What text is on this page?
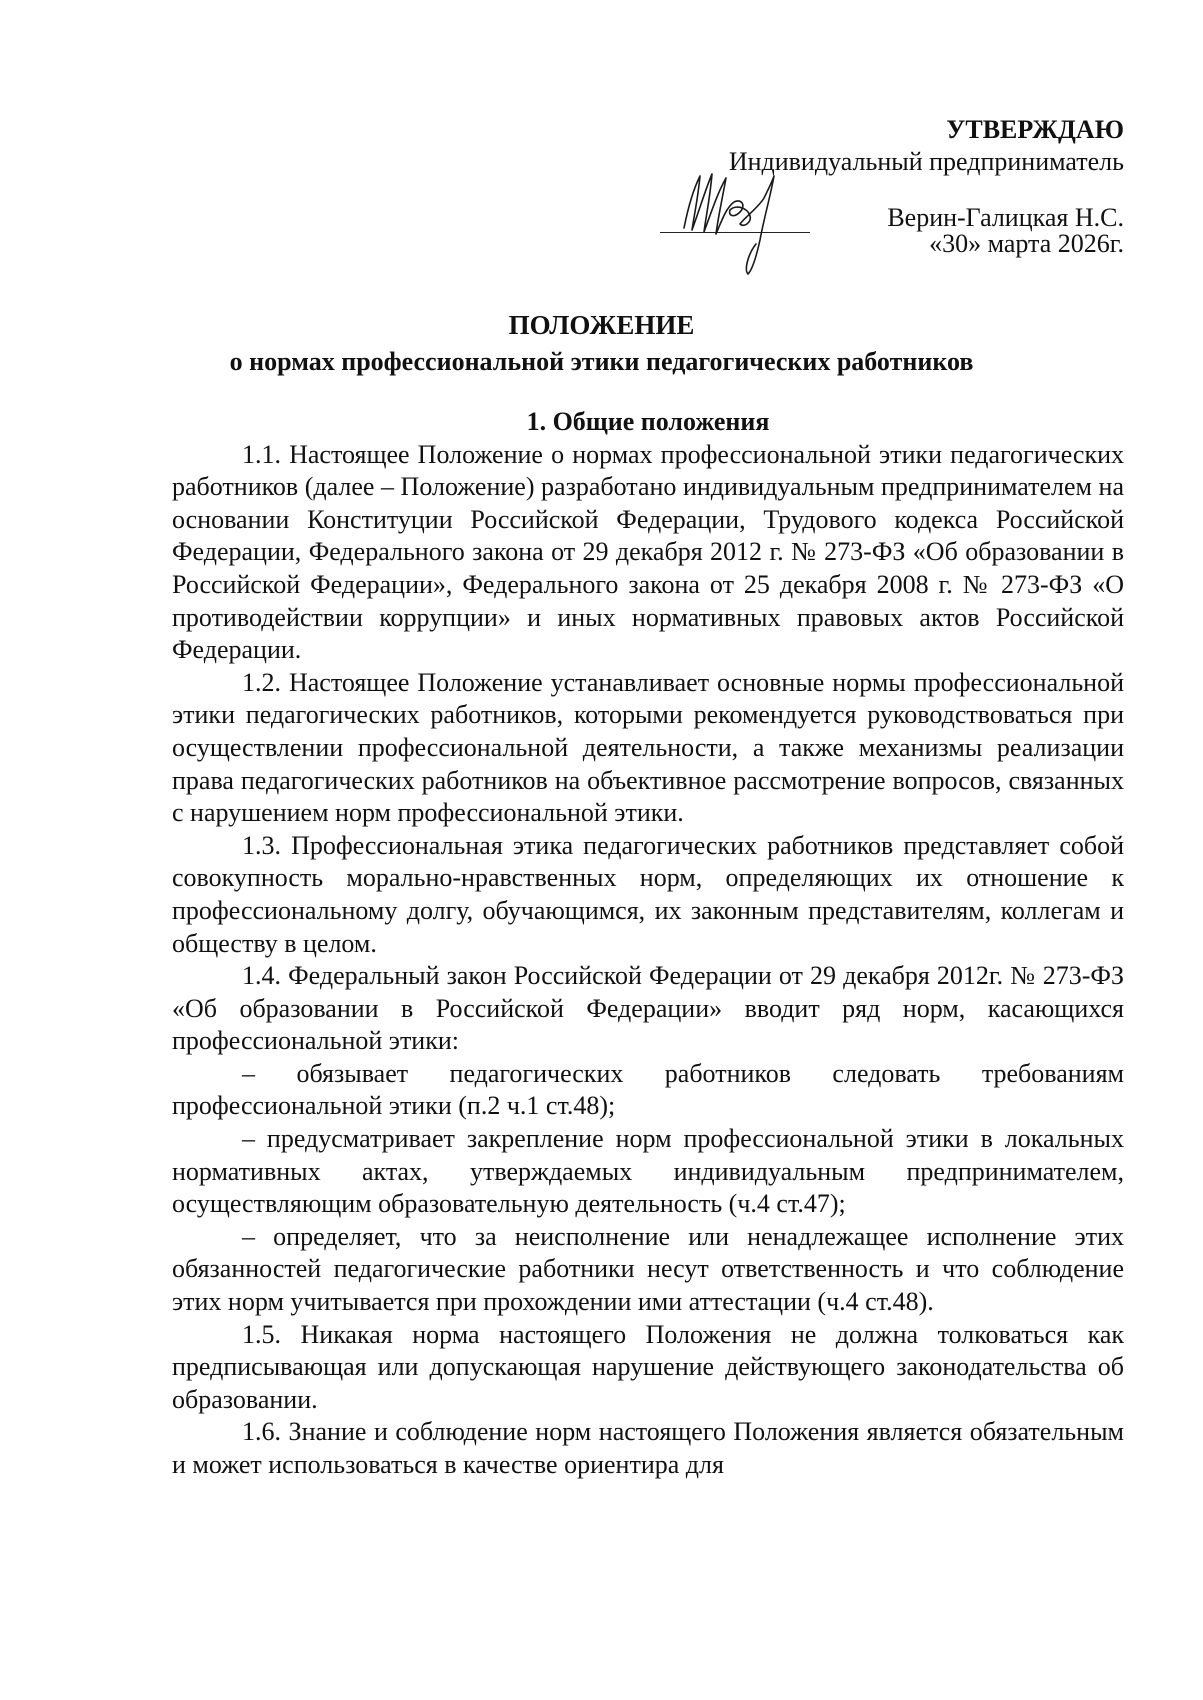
УТВЕРЖДАЮ
Индивидуальный предприниматель
Верин-Галицкая Н.С.
«30» марта 2026г.
ПОЛОЖЕНИЕ
о нормах профессиональной этики педагогических работников
1. Общие положения

1.1. Настоящее Положение о нормах профессиональной этики педагогических работников (далее – Положение) разработано индивидуальным предпринимателем на основании Конституции Российской Федерации, Трудового кодекса Российской Федерации, Федерального закона от 29 декабря 2012 г. № 273-ФЗ «Об образовании в Российской Федерации», Федерального закона от 25 декабря 2008 г. № 273-ФЗ «О противодействии коррупции» и иных нормативных правовых актов Российской Федерации.

1.2. Настоящее Положение устанавливает основные нормы профессиональной этики педагогических работников, которыми рекомендуется руководствоваться при осуществлении профессиональной деятельности, а также механизмы реализации права педагогических работников на объективное рассмотрение вопросов, связанных с нарушением норм профессиональной этики.

1.3. Профессиональная этика педагогических работников представляет собой совокупность морально-нравственных норм, определяющих их отношение к профессиональному долгу, обучающимся, их законным представителям, коллегам и обществу в целом.

1.4. Федеральный закон Российской Федерации от 29 декабря 2012г. № 273-ФЗ «Об образовании в Российской Федерации» вводит ряд норм, касающихся профессиональной этики:

– обязывает педагогических работников следовать требованиям профессиональной этики (п.2 ч.1 ст.48);

– предусматривает закрепление норм профессиональной этики в локальных нормативных актах, утверждаемых индивидуальным предпринимателем, осуществляющим образовательную деятельность (ч.4 ст.47);

– определяет, что за неисполнение или ненадлежащее исполнение этих обязанностей педагогические работники несут ответственность и что соблюдение этих норм учитывается при прохождении ими аттестации (ч.4 ст.48).

1.5. Никакая норма настоящего Положения не должна толковаться как предписывающая или допускающая нарушение действующего законодательства об образовании.

1.6. Знание и соблюдение норм настоящего Положения является обязательным и может использоваться в качестве ориентира для
